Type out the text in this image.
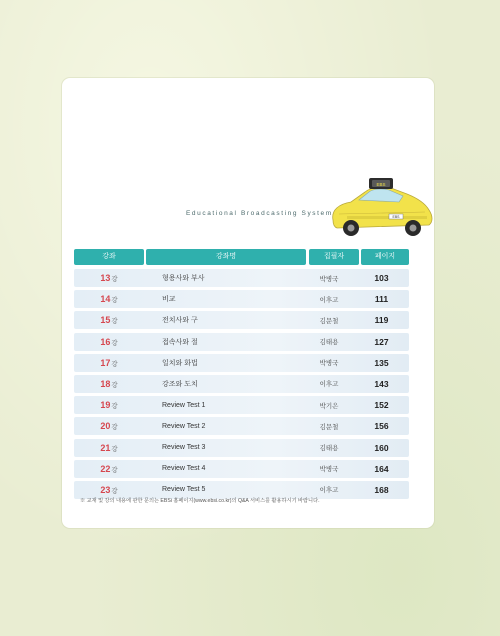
Educational Broadcasting System
EBS
EBS
강좌	강좌명	집필자	페이지
13강	형용사와 부사	박병국	103
14강	비교	이후고	111
15강	전치사와 구	김문철	119
16강	접속사와 절	김태용	127
17강	일치와 화법	박병국	135
18강	강조와 도치	이후고	143
19강	Review Test 1	박기은	152
20강	Review Test 2	김문철	156
21강	Review Test 3	김태용	160
22강	Review Test 4	박병국	164
23강	Review Test 5	이후고	168
※ 교재 및 강의 내용에 관한 문의는 EBSi 홈페이지(www.ebsi.co.kr)의 Q&A 서비스를 활용하시기 바랍니다.
